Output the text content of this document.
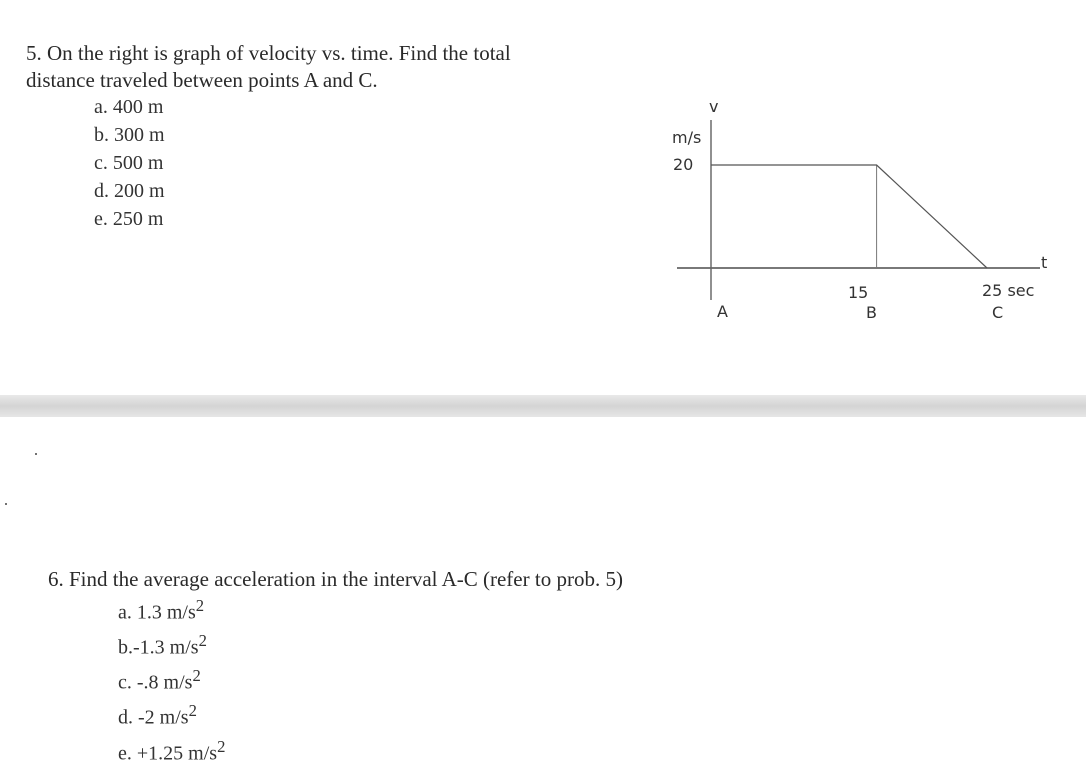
5. On the right is graph of velocity vs. time. Find the total
distance traveled between points A and C.
a. 400 m
b. 300 m
c. 500 m
d. 200 m
e. 250 m
v
m/s
20
t
15	25 sec
A	B	C
6. Find the average acceleration in the interval A-C (refer to prob. 5)
a. 1.3 $m/s^2$
b.-1.3 $m/s^2$
c. -.8 $m/s^2$
d. -2 $m/s^2$
e. +1.25 $m/s^2$
